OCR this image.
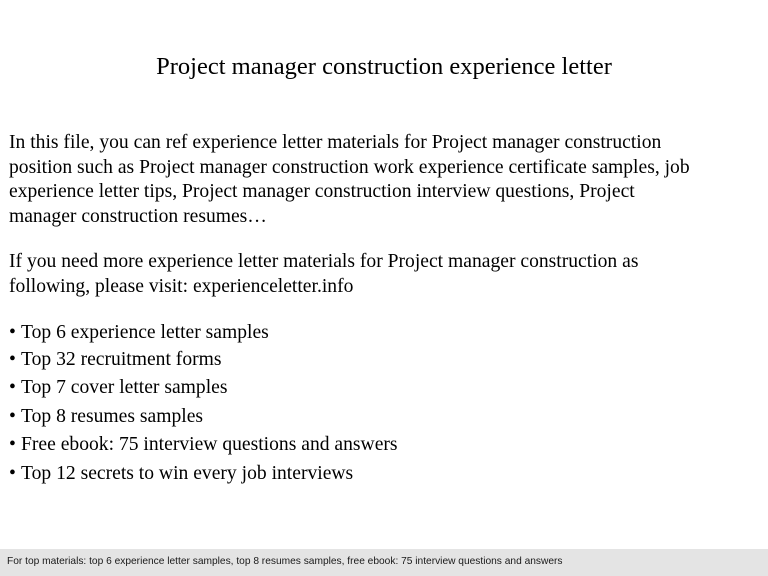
Project manager construction experience letter
In this file, you can ref experience letter materials for Project manager construction
position such as Project manager construction work experience certificate samples, job
experience letter tips, Project manager construction interview questions, Project
manager construction resumes…
If you need more experience letter materials for Project manager construction as
following, please visit: experienceletter.info
• Top 6 experience letter samples
• Top 32 recruitment forms
• Top 7 cover letter samples
• Top 8 resumes samples
• Free ebook: 75 interview questions and answers
• Top 12 secrets to win every job interviews
For top materials: top 6 experience letter samples, top 8 resumes samples, free ebook: 75 interview questions and answers
